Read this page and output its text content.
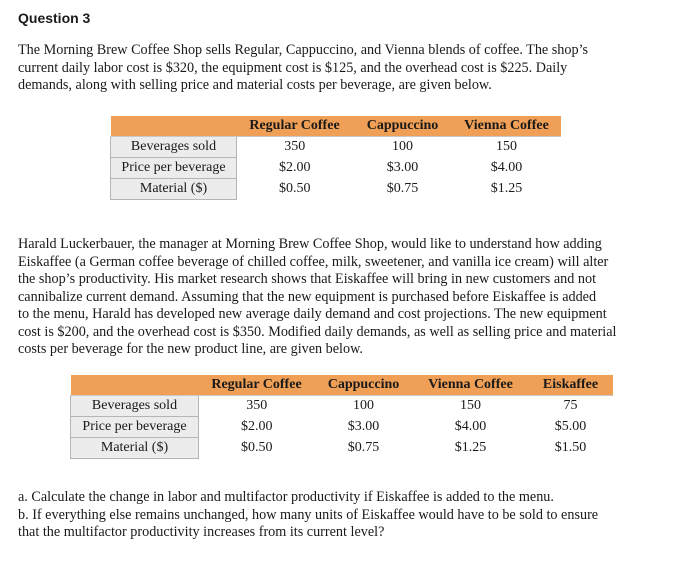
Question 3

The Morning Brew Coffee Shop sells Regular, Cappuccino, and Vienna blends of coffee. The shop’s
current daily labor cost is $320, the equipment cost is $125, and the overhead cost is $225. Daily
demands, along with selling price and material costs per beverage, are given below.

	Regular Coffee	Cappuccino	Vienna Coffee
Beverages sold	350	100	150
Price per beverage	$2.00	$3.00	$4.00
Material ($)	$0.50	$0.75	$1.25

Harald Luckerbauer, the manager at Morning Brew Coffee Shop, would like to understand how adding
Eiskaffee (a German coffee beverage of chilled coffee, milk, sweetener, and vanilla ice cream) will alter
the shop’s productivity. His market research shows that Eiskaffee will bring in new customers and not
cannibalize current demand. Assuming that the new equipment is purchased before Eiskaffee is added
to the menu, Harald has developed new average daily demand and cost projections. The new equipment
cost is $200, and the overhead cost is $350. Modified daily demands, as well as selling price and material
costs per beverage for the new product line, are given below.

	Regular Coffee	Cappuccino	Vienna Coffee	Eiskaffee
Beverages sold	350	100	150	75
Price per beverage	$2.00	$3.00	$4.00	$5.00
Material ($)	$0.50	$0.75	$1.25	$1.50

a. Calculate the change in labor and multifactor productivity if Eiskaffee is added to the menu.
b. If everything else remains unchanged, how many units of Eiskaffee would have to be sold to ensure
that the multifactor productivity increases from its current level?
